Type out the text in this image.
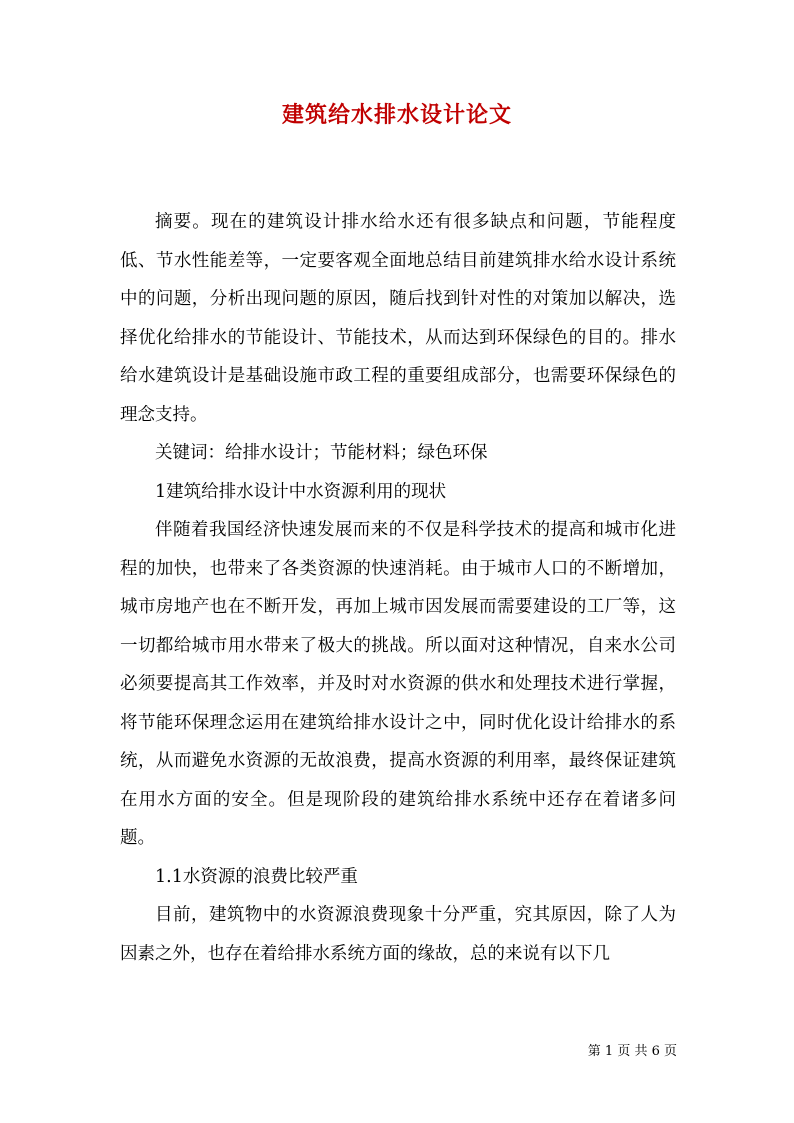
建筑给水排水设计论文

摘要。现在的建筑设计排水给水还有很多缺点和问题，节能程度低、节水性能差等，一定要客观全面地总结目前建筑排水给水设计系统中的问题，分析出现问题的原因，随后找到针对性的对策加以解决，选择优化给排水的节能设计、节能技术，从而达到环保绿色的目的。排水给水建筑设计是基础设施市政工程的重要组成部分，也需要环保绿色的理念支持。

关键词：给排水设计；节能材料；绿色环保

1建筑给排水设计中水资源利用的现状

伴随着我国经济快速发展而来的不仅是科学技术的提高和城市化进程的加快，也带来了各类资源的快速消耗。由于城市人口的不断增加，城市房地产也在不断开发，再加上城市因发展而需要建设的工厂等，这一切都给城市用水带来了极大的挑战。所以面对这种情况，自来水公司必须要提高其工作效率，并及时对水资源的供水和处理技术进行掌握，将节能环保理念运用在建筑给排水设计之中，同时优化设计给排水的系统，从而避免水资源的无故浪费，提高水资源的利用率，最终保证建筑在用水方面的安全。但是现阶段的建筑给排水系统中还存在着诸多问题。

1.1水资源的浪费比较严重

目前，建筑物中的水资源浪费现象十分严重，究其原因，除了人为因素之外，也存在着给排水系统方面的缘故，总的来说有以下几

第 1 页 共 6 页
